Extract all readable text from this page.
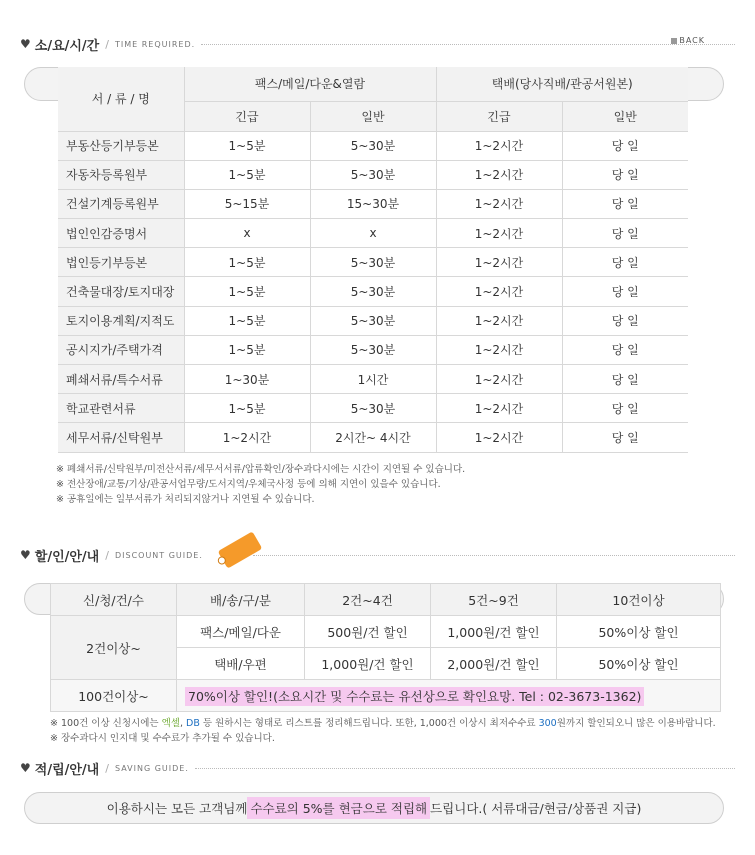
♥ 소/요/시/간 / TIME REQUIRED.	BACK
서 / 류 / 명	팩스/메일/다운&열람		택배(당사직배/관공서원본)	
	긴급	일반	긴급	일반
부동산등기부등본	1~5분	5~30분	1~2시간	당 일
자동차등록원부	1~5분	5~30분	1~2시간	당 일
건설기계등록원부	5~15분	15~30분	1~2시간	당 일
법인인감증명서	x	x	1~2시간	당 일
법인등기부등본	1~5분	5~30분	1~2시간	당 일
건축물대장/토지대장	1~5분	5~30분	1~2시간	당 일
토지이용계획/지적도	1~5분	5~30분	1~2시간	당 일
공시지가/주택가격	1~5분	5~30분	1~2시간	당 일
폐쇄서류/특수서류	1~30분	1시간	1~2시간	당 일
학교관련서류	1~5분	5~30분	1~2시간	당 일
세무서류/신탁원부	1~2시간	2시간~ 4시간	1~2시간	당 일
※ 폐쇄서류/신탁원부/미전산서류/세무서서류/압류확인/장수과다시에는 시간이 지연될 수 있습니다.
※ 전산장애/교통/기상/관공서업무량/도서지역/우체국사정 등에 의해 지연이 있을수 있습니다.
※ 공휴일에는 일부서류가 처리되지않거나 지연될 수 있습니다.
♥ 할/인/안/내 / DISCOUNT GUIDE.
신/청/건/수	배/송/구/분	2건~4건	5건~9건	10건이상
2건이상~	팩스/메일/다운	500원/건 할인	1,000원/건 할인	50%이상 할인
	택배/우편	1,000원/건 할인	2,000원/건 할인	50%이상 할인
100건이상~	70%이상 할인!(소요시간 및 수수료는 유선상으로 확인요망. Tel : 02-3673-1362)			
※ 100건 이상 신청시에는 엑셀, DB 등 원하시는 형태로 리스트를 정리해드립니다. 또한, 1,000건 이상시 최저수수료 300원까지 할인되오니 많은 이용바랍니다.
※ 장수과다시 인지대 및 수수료가 추가될 수 있습니다.
♥ 적/립/안/내 / SAVING GUIDE.
이용하시는 모든 고객님께 수수료의 5%를 현금으로 적립해 드립니다.( 서류대금/현금/상품권 지급)
